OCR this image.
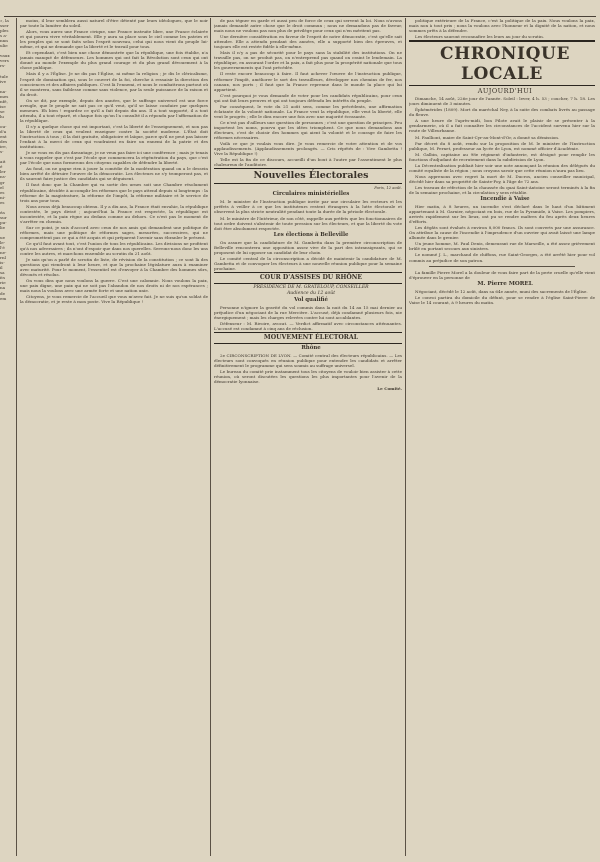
», la

sser

ples

s a-

nnn

ulie

vaux

vers

rs-

tule

ive

na-

mes

nfé,

ise

se

lu

ou-

d'a

ent

des

ire,

s-

ait

é

ler

ns-

gr

el

es

ni-

es

éa

sur

pu-

lie

ue

le-

l'é

ne-

rnl

is-

il

sa

its

rie

na

de

em

moins, il leur semblera aussi naturel d'être détenté par leurs idéologues, que le noir par toute la lumière du soleil.

Alors, vous aurez une France civique, une France instruite libre, une France éclairée et qui pourra vivre véritablement. Elle y aura sa place sous le ciel comme les patries et les peuples qui se sont faits selon l'esprit nouveau, celui qui nous vient du peuple lui-même, et qui ne demande que la liberté et le travail pour tous.

Et cependant, c'est bien une chose démontrée que la république, une fois établie, n'a jamais manqué de défenseurs. Les hommes qui ont fait la Révolution sont ceux qui ont donné au monde l'exemple du plus grand courage et du plus grand dévouement à la chose publique.

Mais il y a l'Église. Je ne dis pas l'Église, ni même la religion ; je dis le cléricalisme, l'esprit de domination qui, sous le couvert de la foi, cherche à ressaisir la direction des consciences et des affaires publiques. C'est là l'ennemi, et nous le combattrons partout où il se montrera, sans faiblesse comme sans violence, par la seule puissance de la raison et du droit.

On se dit, par exemple, depuis des années, que le suffrage universel est une force aveugle, que le peuple ne sait pas ce qu'il veut, qu'il se laisse conduire par quelques meneurs. Eh bien ! regardez ce qu'il a fait depuis dix ans. Il a tout supporté, il a tout attendu, il a tout réparé, et chaque fois qu'on l'a consulté il a répondu par l'affirmation de la république.

Il s'y a quelque chose qui est important, c'est la liberté de l'enseignement, et non pas la liberté de ceux qui veulent enseigner contre la société moderne. L'État doit l'instruction à tous ; il la doit gratuite, obligatoire et laïque, parce qu'il ne peut pas laisser l'enfant à la merci de ceux qui voudraient en faire un ennemi de la patrie et des institutions.

Je ne vous en dis pas davantage, je ne veux pas faire ici une conférence ; mais je tenais à vous rappeler que c'est par l'école que commencera la régénération du pays, que c'est par l'école que nous formerons des citoyens capables de défendre la liberté.

Au fond, on ne gagne rien à jouer la comédie de la modération quand on a le dessein bien arrêté de détruire l'œuvre de la démocratie. Les électeurs ne s'y tromperont pas, et ils sauront faire justice des candidats qui se déguisent.

Il faut donc que la Chambre qui va sortir des urnes soit une Chambre résolument républicaine, décidée à accomplir les réformes que le pays attend depuis si longtemps : la réforme de la magistrature, la réforme de l'impôt, la réforme militaire et le service de trois ans pour tous.

Nous avons déjà beaucoup obtenu. Il y a dix ans, la France était envahie, la république contestée, le pays divisé ; aujourd'hui la France est respectée, la république est incontestée, et la paix règne au dedans comme au dehors. Ce n'est pas le moment de s'arrêter en chemin.

Sur ce point, je suis d'accord avec ceux de nos amis qui demandent une politique de réformes, mais une politique de réformes sages, mesurées, successives, qui ne compromettent pas ce qui a été acquis et qui préparent l'avenir sans ébranler le présent.

Ce qu'il faut avant tout, c'est l'union de tous les républicains. Les divisions ne profitent qu'à nos adversaires ; ils n'ont d'espoir que dans nos querelles. Serrons-nous donc les uns contre les autres, et marchons ensemble au scrutin du 21 août.

Je sais qu'on a parlé de scrutin de liste, de révision de la constitution ; ce sont là des questions qui viendront à leur heure, et que la prochaine législature aura à examiner avec maturité. Pour le moment, l'essentiel est d'envoyer à la Chambre des hommes sûrs, dévoués et résolus.

On vous dira que nous voulons la guerre. C'est une calomnie. Nous voulons la paix, une paix digne, une paix qui ne soit pas l'abandon de nos droits ni de nos espérances ; mais nous la voulons avec une armée forte et une nation unie.

Citoyens, je vous remercie de l'accueil que vous m'avez fait. Je ne suis qu'un soldat de la démocratie, et je reste à mon poste. Vive la République !

de pas tégner en garde et aussi peu de force de ceux qui servent la loi. Nous n'avons jamais demandé autre chose que le droit commun ; nous ne demandons pas de faveur, mais nous ne voulons pas non plus de privilège pour ceux qui n'en méritent pas.

Une dernière considération en faveur de l'esprit de notre démocratie, c'est qu'elle sait attendre. Elle a attendu pendant des années, elle a supporté bien des épreuves, et toujours elle est restée fidèle à elle-même.

Mais il n'y a pas de sécurité pour le pays sans la stabilité des institutions. On ne travaille pas, on ne produit pas, on n'entreprend pas quand on craint le lendemain. La république, en assurant l'ordre et la paix, a fait plus pour la prospérité nationale que tous les gouvernements qui l'ont précédée.

Il reste encore beaucoup à faire. Il faut achever l'œuvre de l'instruction publique, réformer l'impôt, améliorer le sort des travailleurs, développer nos chemins de fer, nos canaux, nos ports ; il faut que la France reprenne dans le monde la place qui lui appartient.

C'est pourquoi je vous demande de voter pour les candidats républicains, pour ceux qui ont fait leurs preuves et qui ont toujours défendu les intérêts du peuple.

Par conséquent, le vote du 21 août sera, comme les précédents, une affirmation éclatante de la volonté nationale. La France veut la république, elle veut la liberté, elle veut le progrès ; elle le dira encore une fois avec une majorité écrasante.

Ce n'est pas d'ailleurs une question de personnes ; c'est une question de principes. Peu importent les noms, pourvu que les idées triomphent. Ce que nous demandons aux électeurs, c'est de choisir des hommes qui aient la volonté et le courage de faire les réformes nécessaires.

Voilà ce que je voulais vous dire. Je vous remercie de votre attention et de vos applaudissements. (Applaudissements prolongés. — Cris répétés de : Vive Gambetta ! Vive la République !)

Telle est la fin de ce discours, accueilli d'un bout à l'autre par l'assentiment le plus chaleureux de l'auditoire.

Nouvelles Électorales

Paris, 12 août.

Circulaires ministérielles

M. le ministre de l'Instruction publique invite par une circulaire les recteurs et les préfets à veiller à ce que les instituteurs restent étrangers à la lutte électorale et observent la plus stricte neutralité pendant toute la durée de la période électorale.

M. le ministre de l'Intérieur, de son côté, rappelle aux préfets que les fonctionnaires de tout ordre doivent s'abstenir de toute pression sur les électeurs, et que la liberté du vote doit être absolument respectée.

Les élections à Belleville

On assure que la candidature de M. Gambetta dans la première circonscription de Belleville rencontrera une opposition assez vive de la part des intransigeants, qui se proposent de lui opposer un candidat de leur choix.

Le comité central de la circonscription a décidé de maintenir la candidature de M. Gambetta et de convoquer les électeurs à une nouvelle réunion publique pour la semaine prochaine.

COUR D'ASSISES DU RHÔNE

PRÉSIDENCE DE M. GRATELOUP, CONSEILLER

Audience du 12 août

Vol qualifié

Personne n'ignore la gravité du vol commis dans la nuit du 14 au 15 mai dernier au préjudice d'un négociant de la rue Mercière. L'accusé, déjà condamné plusieurs fois, nie énergiquement ; mais les charges relevées contre lui sont accablantes.

Défenseur : M. Rivoire, avocat. — Verdict affirmatif avec circonstances atténuantes. L'accusé est condamné à cinq ans de réclusion.

MOUVEMENT ÉLECTORAL

Rhône

2e CIRCONSCRIPTION DE LYON. — Comité central des électeurs républicains. — Les électeurs sont convoqués en réunion publique pour entendre les candidats et arrêter définitivement le programme qui sera soumis au suffrage universel.

Le bureau du comité prie instamment tous les citoyens de vouloir bien assister à cette réunion, où seront discutées les questions les plus importantes pour l'avenir de la démocratie lyonnaise.

Le Comité.

politique extérieure de la France, c'est la politique de la paix. Nous voulons la paix, mais non à tout prix ; nous la voulons avec l'honneur et la dignité de la nation, et nous sommes prêts à la défendre.

Les électeurs sauront reconnaître les leurs au jour du scrutin.

CHRONIQUE LOCALE

AUJOURD'HUI

Dimanche, 14 août, 226e jour de l'année. Soleil : lever, 4 h. 53 ; coucher, 7 h. 18. Les jours diminuent de 3 minutes.

Éphémérides (1809). Mort du maréchal Ney, à la suite des combats livrés au passage du fleuve.

A une heure de l'après-midi, bon Pilote avait le plaisir de se présenter à la gendarmerie, où il a fait connaître les circonstances de l'accident survenu hier sur la route de Villeurbanne.

M. Faulliont, maire de Saint-Cyr-au-Mont-d'Or, a donné sa démission.

Par décret du 8 août, rendu sur la proposition de M. le ministre de l'Instruction publique, M. Pernet, professeur au lycée de Lyon, est nommé officier d'Académie.

M. Galbin, capitaine au 98e régiment d'infanterie, est désigné pour remplir les fonctions d'adjudant de recrutement dans la subdivision de Lyon.

La Décentralisation publiait hier soir une note annonçant la réunion des délégués du comité royaliste de la région ; nous croyons savoir que cette réunion n'aura pas lieu.

Nous apprenons avec regret la mort de M. Ducros, ancien conseiller municipal, décédé hier dans sa propriété de Sainte-Foy, à l'âge de 72 ans.

Les travaux de réfection de la chaussée du quai Saint-Antoine seront terminés à la fin de la semaine prochaine, et la circulation y sera rétablie.

Incendie à Vaise

Hier matin, à 8 heures, un incendie s'est déclaré dans le haut d'un bâtiment appartenant à M. Garnier, négociant en bois, rue de la Pyramide, à Vaise. Les pompiers, arrivés rapidement sur les lieux, ont pu se rendre maîtres du feu après deux heures d'efforts.

Les dégâts sont évalués à environ 8,000 francs. Ils sont couverts par une assurance. On attribue la cause de l'incendie à l'imprudence d'un ouvrier qui avait laissé une lampe allumée dans le grenier.

Un jeune homme, M. Paul Denis, demeurant rue de Marseille, a été assez grièvement brûlé en portant secours aux sinistres.

Le nommé J. L., marchand de chiffons, rue Saint-Georges, a été arrêté hier pour vol commis au préjudice de son patron.

La famille Pierre Morel a la douleur de vous faire part de la perte cruelle qu'elle vient d'éprouver en la personne de

M. Pierre MOREL

Négociant, décédé le 12 août, dans sa 64e année, muni des sacrements de l'Église.

Le convoi partira du domicile du défunt, pour se rendre à l'église Saint-Pierre de Vaise le 14 courant, à 9 heures du matin.
